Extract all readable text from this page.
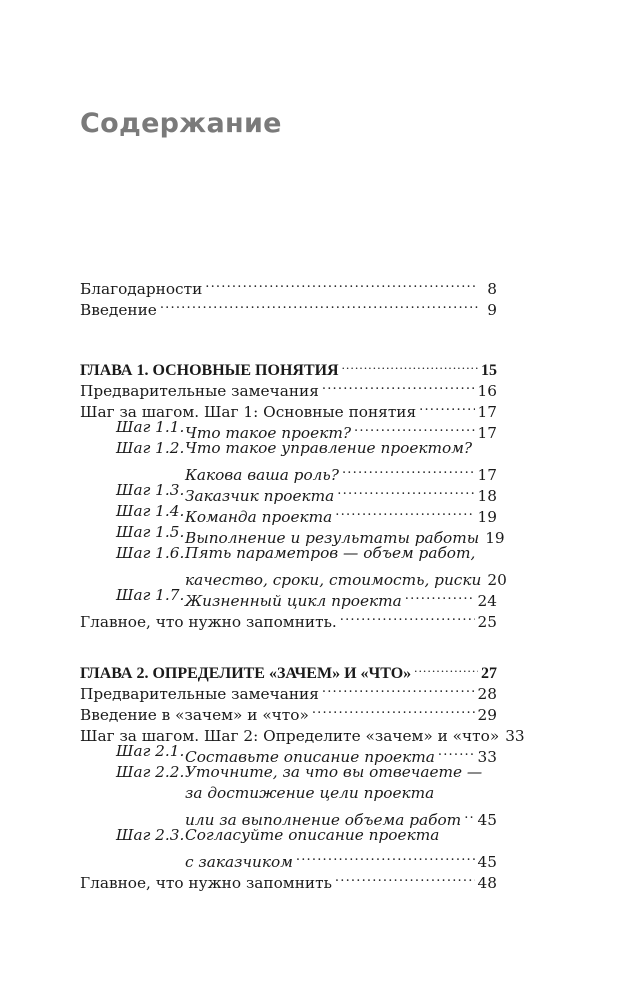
Содержание
Благодарности .....	8
Введение .....	9
ГЛАВА 1. ОСНОВНЫЕ ПОНЯТИЯ .....	15
Предварительные замечания .....	16
Шаг за шагом. Шаг 1: Основные понятия .....	17
Шаг 1.1. Что такое проект? .....	17
Шаг 1.2. Что такое управление проектом?
Какова ваша роль? .....	17
Шаг 1.3. Заказчик проекта .....	18
Шаг 1.4. Команда проекта .....	19
Шаг 1.5. Выполнение и результаты работы 19
Шаг 1.6. Пять параметров — объем работ,
качество, сроки, стоимость, риски 20
Шаг 1.7. Жизненный цикл проекта .....	24
Главное, что нужно запомнить. .....	25
ГЛАВА 2. ОПРЕДЕЛИТЕ «ЗАЧЕМ» И «ЧТО» .....	27
Предварительные замечания .....	28
Введение в «зачем» и «что» .....	29
Шаг за шагом. Шаг 2: Определите «зачем» и «что» 33
Шаг 2.1. Составьте описание проекта .....	33
Шаг 2.2. Уточните, за что вы отвечаете —
за достижение цели проекта
или за выполнение объема работ ..... 45
Шаг 2.3. Согласуйте описание проекта
с заказчиком .....	45
Главное, что нужно запомнить .....	48
